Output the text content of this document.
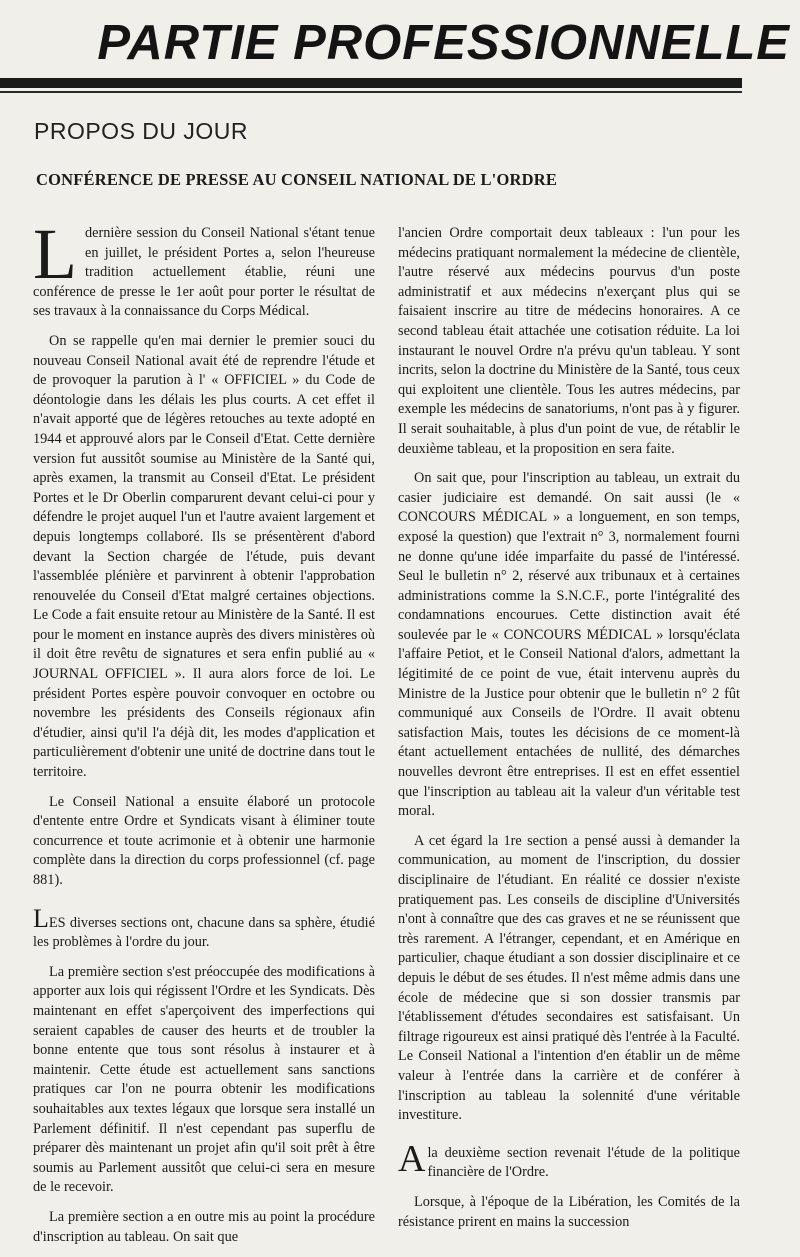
PARTIE PROFESSIONNELLE
PROPOS DU JOUR
CONFÉRENCE DE PRESSE AU CONSEIL NATIONAL DE L'ORDRE

Ldernière session du Conseil National s'étant tenue en juillet, le président Portes a, selon l'heureuse tradition actuellement établie, réuni une conférence de presse le 1er août pour porter le résultat de ses travaux à la connaissance du Corps Médical.

On se rappelle qu'en mai dernier le premier souci du nouveau Conseil National avait été de reprendre l'étude et de provoquer la parution à l' « OFFICIEL » du Code de déontologie dans les délais les plus courts. A cet effet il n'avait apporté que de légères retouches au texte adopté en 1944 et approuvé alors par le Conseil d'Etat. Cette dernière version fut aussitôt soumise au Ministère de la Santé qui, après examen, la transmit au Conseil d'Etat. Le président Portes et le Dr Oberlin comparurent devant celui-ci pour y défendre le projet auquel l'un et l'autre avaient largement et depuis longtemps collaboré. Ils se présentèrent d'abord devant la Section chargée de l'étude, puis devant l'assemblée plénière et parvinrent à obtenir l'approbation renouvelée du Conseil d'Etat malgré certaines objections. Le Code a fait ensuite retour au Ministère de la Santé. Il est pour le moment en instance auprès des divers ministères où il doit être revêtu de signatures et sera enfin publié au « JOURNAL OFFICIEL ». Il aura alors force de loi. Le président Portes espère pouvoir convoquer en octobre ou novembre les présidents des Conseils régionaux afin d'étudier, ainsi qu'il l'a déjà dit, les modes d'application et particulièrement d'obtenir une unité de doctrine dans tout le territoire.

Le Conseil National a ensuite élaboré un protocole d'entente entre Ordre et Syndicats visant à éliminer toute concurrence et toute acrimonie et à obtenir une harmonie complète dans la direction du corps professionnel (cf. page 881).

LES diverses sections ont, chacune dans sa sphère, étudié les problèmes à l'ordre du jour.

La première section s'est préoccupée des modifications à apporter aux lois qui régissent l'Ordre et les Syndicats. Dès maintenant en effet s'aperçoivent des imperfections qui seraient capables de causer des heurts et de troubler la bonne entente que tous sont résolus à instaurer et à maintenir. Cette étude est actuellement sans sanctions pratiques car l'on ne pourra obtenir les modifications souhaitables aux textes légaux que lorsque sera installé un Parlement définitif. Il n'est cependant pas superflu de préparer dès maintenant un projet afin qu'il soit prêt à être soumis au Parlement aussitôt que celui-ci sera en mesure de le recevoir.

La première section a en outre mis au point la procédure d'inscription au tableau. On sait que

l'ancien Ordre comportait deux tableaux : l'un pour les médecins pratiquant normalement la médecine de clientèle, l'autre réservé aux médecins pourvus d'un poste administratif et aux médecins n'exerçant plus qui se faisaient inscrire au titre de médecins honoraires. A ce second tableau était attachée une cotisation réduite. La loi instaurant le nouvel Ordre n'a prévu qu'un tableau. Y sont incrits, selon la doctrine du Ministère de la Santé, tous ceux qui exploitent une clientèle. Tous les autres médecins, par exemple les médecins de sanatoriums, n'ont pas à y figurer. Il serait souhaitable, à plus d'un point de vue, de rétablir le deuxième tableau, et la proposition en sera faite.

On sait que, pour l'inscription au tableau, un extrait du casier judiciaire est demandé. On sait aussi (le « CONCOURS MÉDICAL » a longuement, en son temps, exposé la question) que l'extrait n° 3, normalement fourni ne donne qu'une idée imparfaite du passé de l'intéressé. Seul le bulletin n° 2, réservé aux tribunaux et à certaines administrations comme la S.N.C.F., porte l'intégralité des condamnations encourues. Cette distinction avait été soulevée par le « CONCOURS MÉDICAL » lorsqu'éclata l'affaire Petiot, et le Conseil National d'alors, admettant la légitimité de ce point de vue, était intervenu auprès du Ministre de la Justice pour obtenir que le bulletin n° 2 fût communiqué aux Conseils de l'Ordre. Il avait obtenu satisfaction Mais, toutes les décisions de ce moment-là étant actuellement entachées de nullité, des démarches nouvelles devront être entreprises. Il est en effet essentiel que l'inscription au tableau ait la valeur d'un véritable test moral.

A cet égard la 1re section a pensé aussi à demander la communication, au moment de l'inscription, du dossier disciplinaire de l'étudiant. En réalité ce dossier n'existe pratiquement pas. Les conseils de discipline d'Universités n'ont à connaître que des cas graves et ne se réunissent que très rarement. A l'étranger, cependant, et en Amérique en particulier, chaque étudiant a son dossier disciplinaire et ce depuis le début de ses études. Il n'est même admis dans une école de médecine que si son dossier transmis par l'établissement d'études secondaires est satisfaisant. Un filtrage rigoureux est ainsi pratiqué dès l'entrée à la Faculté. Le Conseil National a l'intention d'en établir un de même valeur à l'entrée dans la carrière et de conférer à l'inscription au tableau la solennité d'une véritable investiture.

A la deuxième section revenait l'étude de la politique financière de l'Ordre.

Lorsque, à l'époque de la Libération, les Comités de la résistance prirent en mains la succession
